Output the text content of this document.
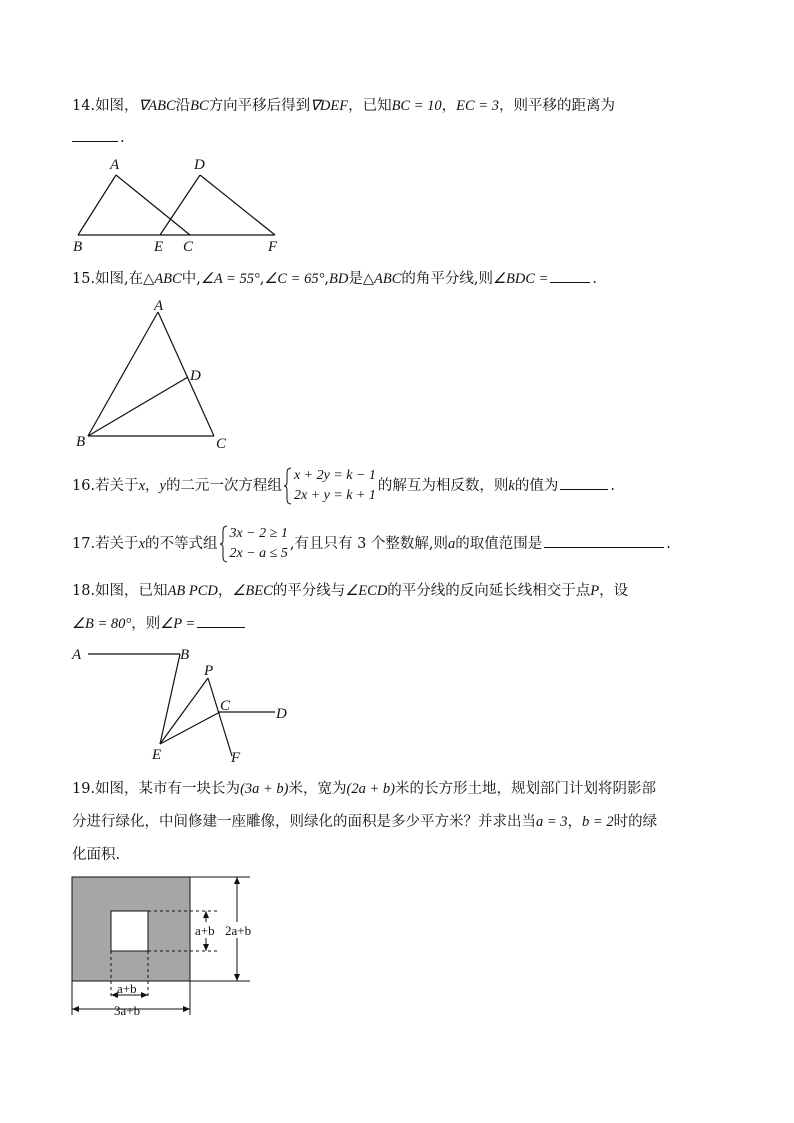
14.如图，∇ABC沿BC方向平移后得到∇DEF，已知BC = 10，EC = 3，则平移的距离为
.
A	D
B	E C	F
15.如图,在△ABC中,∠A = 55°,∠C = 65°,BD是△ABC的角平分线,则∠BDC =	.
A
D
B	C
16.若关于x，y的二元一次方程组
x + 2y = k − 1
2x + y = k + 1
的解互为相反数，则k的值为	.
17.若关于x的不等式组
3x − 2 ≥ 1
2x − a ≤ 5
,有且只有 3 个整数解,则a的取值范围是	.
18.如图，已知AB PCD，∠BEC的平分线与∠ECD的平分线的反向延长线相交于点P，设
∠B = 80°，则∠P =
A	B
P
C	D
E	F
19.如图，某市有一块长为(3a + b)米，宽为(2a + b)米的长方形土地，规划部门计划将阴影部
分进行绿化，中间修建一座雕像，则绿化的面积是多少平方米？并求出当a = 3，b = 2时的绿
化面积.
a+b 2a+b
a+b
3a+b
